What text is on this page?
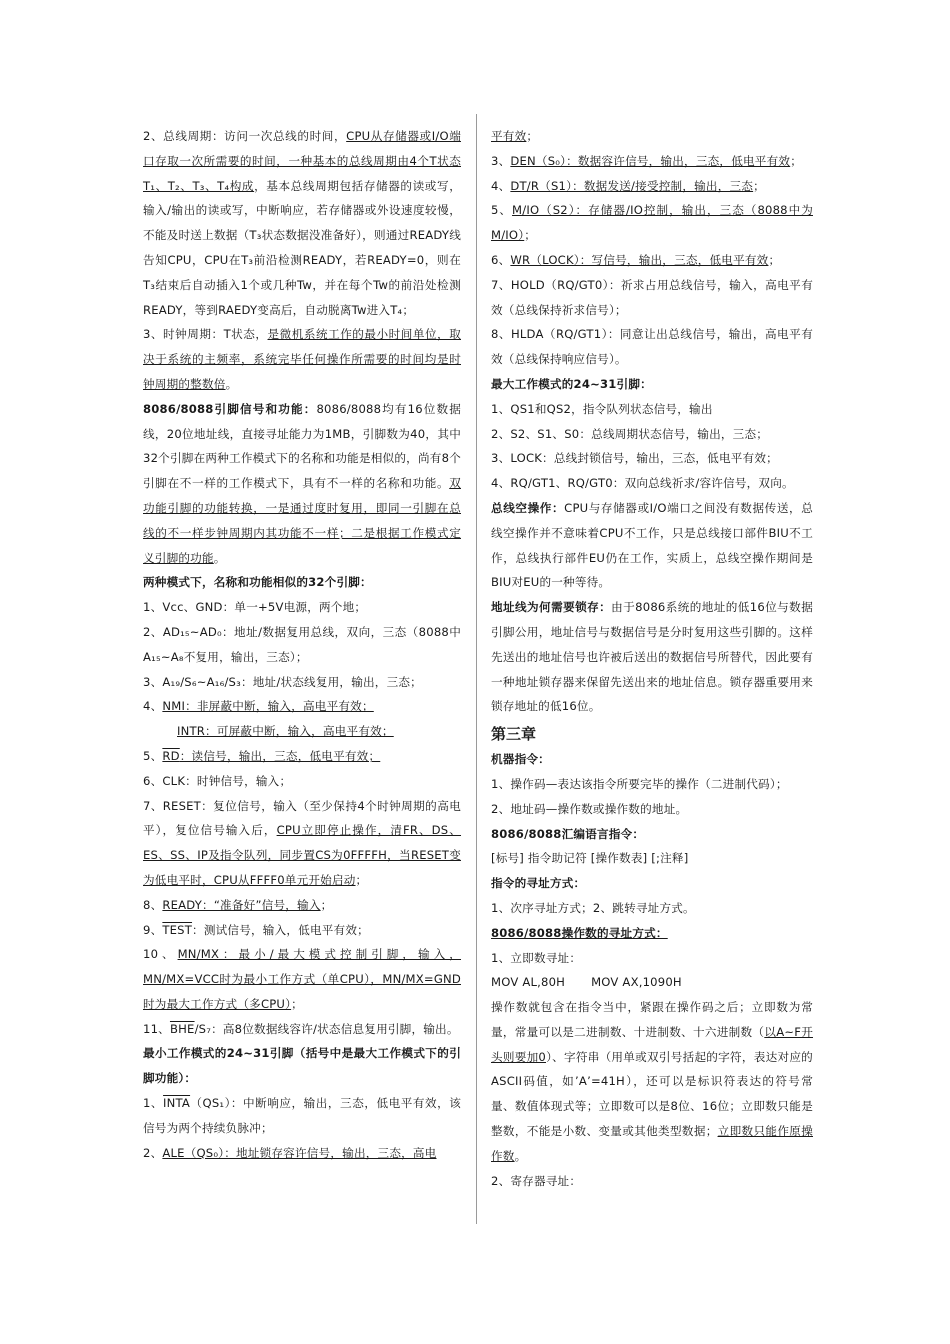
2、总线周期：访问一次总线的时间，CPU从存储器或I/O端口存取一次所需要的时间，一种基本的总线周期由4个T状态T₁、T₂、T₃、T₄构成，基本总线周期包括存储器的读或写，输入/输出的读或写，中断响应，若存储器或外设速度较慢，不能及时送上数据（T₃状态数据没准备好），则通过READY线告知CPU，CPU在T₃前沿检测READY，若READY=0，则在T₃结束后自动插入1个或几种Tw，并在每个Tw的前沿处检测READY，等到RAEDY变高后，自动脱离Tw进入T₄；
3、时钟周期：T状态，是微机系统工作的最小时间单位，取决于系统的主频率，系统完毕任何操作所需要的时间均是时钟周期的整数倍。
8086/8088引脚信号和功能：8086/8088均有16位数据线，20位地址线，直接寻址能力为1MB，引脚数为40，其中32个引脚在两种工作模式下的名称和功能是相似的，尚有8个引脚在不一样的工作模式下，具有不一样的名称和功能。双功能引脚的功能转换，一是通过度时复用，即同一引脚在总线的不一样步钟周期内其功能不一样；二是根据工作模式定义引脚的功能。
两种模式下，名称和功能相似的32个引脚：
1、Vcc、GND：单一+5V电源，两个地；
2、AD₁₅~AD₀：地址/数据复用总线，双向，三态（8088中A₁₅~A₈不复用，输出，三态）；
3、A₁₉/S₆~A₁₆/S₃：地址/状态线复用，输出，三态；
4、NMI：非屏蔽中断，输入，高电平有效；
INTR：可屏蔽中断，输入，高电平有效；
5、RD：读信号，输出，三态，低电平有效；
6、CLK：时钟信号，输入；
7、RESET：复位信号，输入（至少保持4个时钟周期的高电平），复位信号输入后，CPU立即停止操作，清FR、DS、ES、SS、IP及指令队列，同步置CS为0FFFFH，当RESET变为低电平时，CPU从FFFF0单元开始启动；
8、READY：“准备好”信号，输入；
9、TEST：测试信号，输入，低电平有效；
10、MN/MX：最小/最大模式控制引脚，输入，MN/MX=VCC时为最小工作方式（单CPU），MN/MX=GND时为最大工作方式（多CPU）；
11、$\overline{BHE}/S_7$：高8位数据线容许/状态信息复用引脚，输出。
最小工作模式的24~31引脚（括号中是最大工作模式下的引脚功能）：
1、INTA（QS₁）：中断响应，输出，三态，低电平有效，该信号为两个持续负脉冲；
2、ALE（QS₀）：地址锁存容许信号，输出，三态，高电
平有效；
3、DEN（S₀）：数据容许信号，输出，三态，低电平有效；
4、DT/R（S1）：数据发送/接受控制，输出，三态；
5、M/IO（S2）：存储器/IO控制，输出，三态（8088中为M/IO）；
6、WR（LOCK）：写信号，输出，三态，低电平有效；
7、HOLD（RQ/GT0）：祈求占用总线信号，输入，高电平有效（总线保持祈求信号）；
8、HLDA（RQ/GT1）：同意让出总线信号，输出，高电平有效（总线保持响应信号）。
最大工作模式的24~31引脚：
1、QS1和QS2，指令队列状态信号，输出
2、S2、S1、S0：总线周期状态信号，输出，三态；
3、LOCK：总线封锁信号，输出，三态，低电平有效；
4、RQ/GT1、RQ/GT0：双向总线祈求/容许信号，双向。
总线空操作：CPU与存储器或I/O端口之间没有数据传送，总线空操作并不意味着CPU不工作，只是总线接口部件BIU不工作，总线执行部件EU仍在工作，实质上，总线空操作期间是BIU对EU的一种等待。
地址线为何需要锁存：由于8086系统的地址的低16位与数据引脚公用，地址信号与数据信号是分时复用这些引脚的。这样先送出的地址信号也许被后送出的数据信号所替代，因此要有一种地址锁存器来保留先送出来的地址信息。锁存器重要用来锁存地址的低16位。
第三章
机器指令：
1、操作码—表达该指令所要完毕的操作（二进制代码）；
2、地址码—操作数或操作数的地址。
8086/8088汇编语言指令：
[标号] 指令助记符 [操作数表] [;注释]
指令的寻址方式：
1、次序寻址方式；2、跳转寻址方式。
8086/8088操作数的寻址方式：
1、立即数寻址：
MOV AL,80H MOV AX,1090H
操作数就包含在指令当中，紧跟在操作码之后；立即数为常量，常量可以是二进制数、十进制数、十六进制数（以A~F开头则要加0）、字符串（用单或双引号括起的字符，表达对应的ASCII码值，如’A’=41H），还可以是标识符表达的符号常量、数值体现式等；立即数可以是8位、16位；立即数只能是整数，不能是小数、变量或其他类型数据；立即数只能作原操作数。
2、寄存器寻址：
